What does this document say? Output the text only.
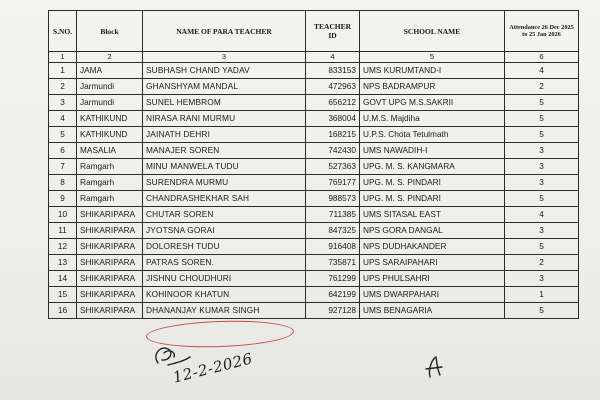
S.NO.	Block	NAME OF PARA TEACHER	TEACHER ID	SCHOOL NAME	Attendance 26 Dec 2025 to 25 Jan 2026
1	2	3	4	5	6
1	JAMA	SUBHASH CHAND YADAV	833153	UMS KURUMTAND-I	4
2	Jarmundi	GHANSHYAM MANDAL	472963	NPS BADRAMPUR	2
3	Jarmundi	SUNEL HEMBROM	656212	GOVT UPG M.S.SAKRII	5
4	KATHIKUND	NIRASA RANI MURMU	368004	U.M.S. Majdiha	5
5	KATHIKUND	JAINATH DEHRI	168215	U.P.S. Chota Tetulmath	5
6	MASALIA	MANAJER SOREN	742430	UMS NAWADIH-I	3
7	Ramgarh	MINU MANWELA TUDU	527363	UPG. M. S. KANGMARA	3
8	Ramgarh	SURENDRA MURMU	769177	UPG. M. S. PINDARI	3
9	Ramgarh	CHANDRASHEKHAR SAH	988573	UPG. M. S. PINDARI	5
10	SHIKARIPARA	CHUTAR SOREN	711385	UMS SITASAL EAST	4
11	SHIKARIPARA	JYOTSNA GORAI	847325	NPS GORA DANGAL	3
12	SHIKARIPARA	DOLORESH TUDU	916408	NPS DUDHAKANDER	5
13	SHIKARIPARA	PATRAS SOREN.	735871	UPS SARAIPAHARI	2
14	SHIKARIPARA	JISHNU CHOUDHURI	761299	UPS PHULSAHRI	3
15	SHIKARIPARA	KOHINOOR KHATUN	642199	UMS DWARPAHARI	1
16	SHIKARIPARA	DHANANJAY KUMAR SINGH	927128	UMS BENAGARIA	5
12-2-2026
